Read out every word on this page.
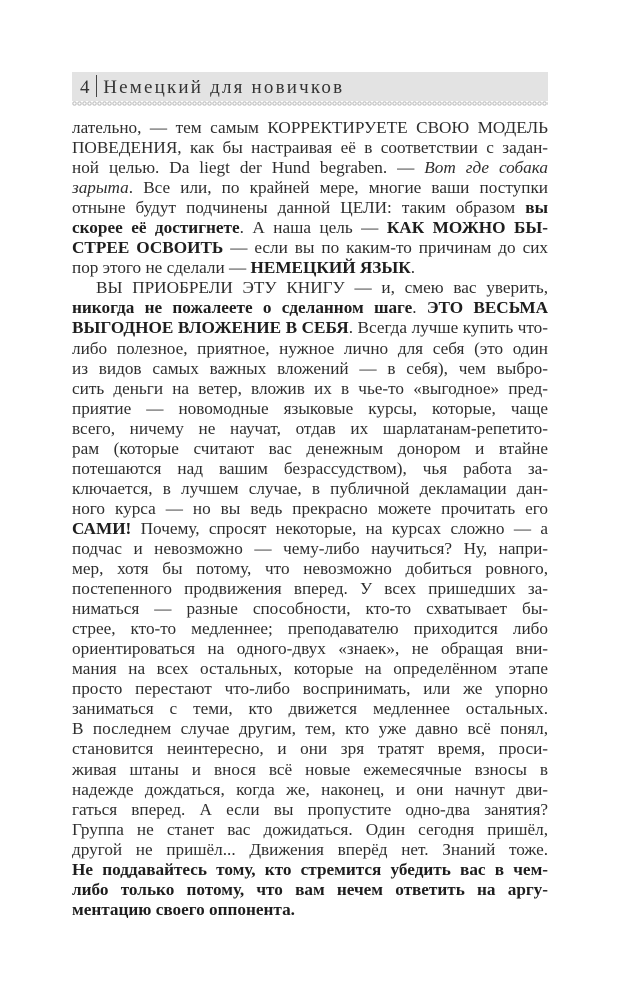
4 Немецкий для новичков
лательно, — тем самым КОРРЕКТИРУЕТЕ СВОЮ МОДЕЛЬ
ПОВЕДЕНИЯ, как бы настраивая её в соответствии с задан-
ной целью. Da liegt der Hund begraben. — Вот где собака
зарыта. Все или, по крайней мере, многие ваши поступки
отныне будут подчинены данной ЦЕЛИ: таким образом вы
скорее её достигнете. А наша цель — КАК МОЖНО БЫ-
СТРЕЕ ОСВОИТЬ — если вы по каким-то причинам до сих
пор этого не сделали — НЕМЕЦКИЙ ЯЗЫК.
ВЫ ПРИОБРЕЛИ ЭТУ КНИГУ — и, смею вас уверить,
никогда не пожалеете о сделанном шаге. ЭТО ВЕСЬМА
ВЫГОДНОЕ ВЛОЖЕНИЕ В СЕБЯ. Всегда лучше купить что-
либо полезное, приятное, нужное лично для себя (это один
из видов самых важных вложений — в себя), чем выбро-
сить деньги на ветер, вложив их в чье-то «выгодное» пред-
приятие — новомодные языковые курсы, которые, чаще
всего, ничему не научат, отдав их шарлатанам-репетито-
рам (которые считают вас денежным донором и втайне
потешаются над вашим безрассудством), чья работа за-
ключается, в лучшем случае, в публичной декламации дан-
ного курса — но вы ведь прекрасно можете прочитать его
САМИ! Почему, спросят некоторые, на курсах сложно — а
подчас и невозможно — чему-либо научиться? Ну, напри-
мер, хотя бы потому, что невозможно добиться ровного,
постепенного продвижения вперед. У всех пришедших за-
ниматься — разные способности, кто-то схватывает бы-
стрее, кто-то медленнее; преподавателю приходится либо
ориентироваться на одного-двух «знаек», не обращая вни-
мания на всех остальных, которые на определённом этапе
просто перестают что-либо воспринимать, или же упорно
заниматься с теми, кто движется медленнее остальных.
В последнем случае другим, тем, кто уже давно всё понял,
становится неинтересно, и они зря тратят время, проси-
живая штаны и внося всё новые ежемесячные взносы в
надежде дождаться, когда же, наконец, и они начнут дви-
гаться вперед. А если вы пропустите одно-два занятия?
Группа не станет вас дожидаться. Один сегодня пришёл,
другой не пришёл... Движения вперёд нет. Знаний тоже.
Не поддавайтесь тому, кто стремится убедить вас в чем-
либо только потому, что вам нечем ответить на аргу-
ментацию своего оппонента.
